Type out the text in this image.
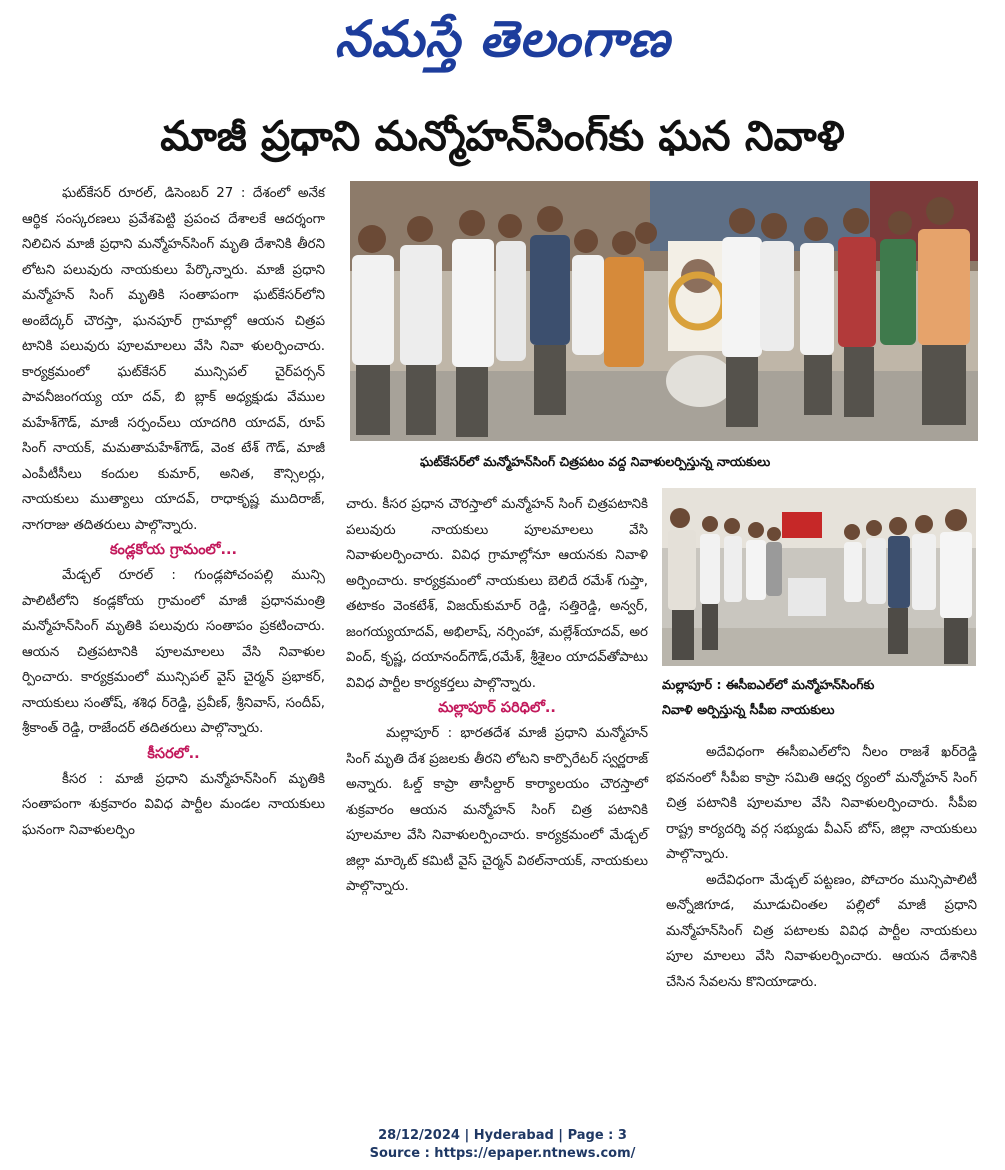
నమస్తే తెలంగాణ
మాజీ ప్రధాని మన్మోహన్‌సింగ్‌కు ఘన నివాళి

ఘట్‌కేసర్ రూరల్, డిసెంబర్ 27 : దేశంలో అనేక ఆర్థిక సంస్కరణలు ప్రవేశపెట్టి ప్రపంచ దేశాలకే ఆదర్శంగా నిలిచిన మాజీ ప్రధాని మన్మోహన్‌సింగ్ మృతి దేశానికి తీరని లోటని పలువురు నాయకులు పేర్కొన్నారు. మాజీ ప్రధాని మన్మోహన్ సింగ్ మృతికి సంతాపంగా ఘట్‌కేసర్‌లోని అంబేద్కర్ చౌరస్తా, ఘనపూర్ గ్రామాల్లో ఆయన చిత్రప టానికి పలువురు పూలమాలలు వేసి నివా ళులర్పించారు. కార్యక్రమంలో ఘట్‌కేసర్ మున్సిపల్ చైర్‌పర్సన్ పావనీజంగయ్య యా దవ్, బి బ్లాక్ అధ్యక్షుడు వేముల మహేశ్‌గౌడ్, మాజీ సర్పంచ్‌లు యాదగిరి యాదవ్, రూప్ సింగ్ నాయక్, మమతామహేశ్‌గౌడ్, వెంక టేశ్ గౌడ్, మాజీ ఎంపీటీసీలు కందుల కుమార్, అనిత, కౌన్సిలర్లు, నాయకులు ముత్యాలు యాదవ్, రాధాకృష్ణ ముదిరాజ్, నాగరాజు తదితరులు పాల్గొన్నారు.

కండ్లకోయ గ్రామంలో...

మేడ్చల్ రూరల్ : గుండ్లపోచంపల్లి మున్సి పాలిటీలోని కండ్లకోయ గ్రామంలో మాజీ ప్రధానమంత్రి మన్మోహన్‌సింగ్ మృతికి పలువురు సంతాపం ప్రకటించారు. ఆయన చిత్రపటానికి పూలమాలలు వేసి నివాళుల ర్పించారు. కార్యక్రమంలో మున్సిపల్ వైస్ చైర్మన్ ప్రభాకర్, నాయకులు సంతోష్, శశిధ ర్‌రెడ్డి, ప్రవీణ్, శ్రీనివాస్, సందీప్, శ్రీకాంత్ రెడ్డి, రాజేందర్ తదితరులు పాల్గొన్నారు.

కీసరలో..

కీసర : మాజీ ప్రధాని మన్మోహన్‌సింగ్ మృతికి సంతాపంగా శుక్రవారం వివిధ పార్టీల మండల నాయకులు ఘనంగా నివాళులర్పిం

ఘట్‌కేసర్‌లో మన్మోహన్‌సింగ్ చిత్రపటం వద్ద నివాళులర్పిస్తున్న నాయకులు

చారు. కీసర ప్రధాన చౌరస్తాలో మన్మోహన్ సింగ్ చిత్రపటానికి పలువురు నాయకులు పూలమాలలు వేసి నివాళులర్పించారు. వివిధ గ్రామాల్లోనూ ఆయనకు నివాళి అర్పించారు. కార్యక్రమంలో నాయకులు బెలిదే రమేశ్ గుప్తా, తటాకం వెంకటేశ్, విజయ్‌కుమార్ రెడ్డి, సత్తిరెడ్డి, అన్వర్, జంగయ్యయాదవ్, అభిలాష్, నర్సింహా, మల్లేశ్‌యాదవ్, అర వింద్, కృష్ణ, దయానంద్‌గౌడ్,రమేశ్, శ్రీశైలం యాదవ్‌తోపాటు వివిధ పార్టీల కార్యకర్తలు పాల్గొన్నారు.

మల్లాపూర్ పరిధిలో..

మల్లాపూర్ : భారతదేశ మాజీ ప్రధాని మన్మోహన్ సింగ్ మృతి దేశ ప్రజలకు తీరని లోటని కార్పొరేటర్ స్వర్ణరాజ్ అన్నారు. ఓల్డ్ కాప్రా తాసీల్దార్ కార్యాలయం చౌరస్తాలో శుక్రవారం ఆయన మన్మోహన్ సింగ్ చిత్ర పటానికి పూలమాల వేసి నివాళులర్పించారు. కార్యక్రమంలో మేడ్చల్ జిల్లా మార్కెట్ కమిటీ వైస్ చైర్మన్ విఠల్‌నాయక్, నాయకులు పాల్గొన్నారు.

మల్లాపూర్ : ఈసీఐఎల్‌లో మన్మోహన్‌సింగ్‌కు
నివాళి అర్పిస్తున్న సీపీఐ నాయకులు

అదేవిధంగా ఈసీఐఎల్‌లోని నీలం రాజశే ఖర్‌రెడ్డి భవనంలో సీపీఐ కాప్రా సమితి ఆధ్వ ర్యంలో మన్మోహన్ సింగ్ చిత్ర పటానికి పూలమాల వేసి నివాళులర్పించారు. సీపీఐ రాష్ట్ర కార్యదర్శి వర్గ సభ్యుడు వీఎస్ బోస్, జిల్లా నాయకులు పాల్గొన్నారు.

అదేవిధంగా మేడ్చల్ పట్టణం, పోచారం మున్సిపాలిటీ అన్నోజిగూడ, మూడుచింతల పల్లిలో మాజీ ప్రధాని మన్మోహన్‌సింగ్ చిత్ర పటాలకు వివిధ పార్టీల నాయకులు పూల మాలలు వేసి నివాళులర్పించారు. ఆయన దేశానికి చేసిన సేవలను కొనియాడారు.

28/12/2024 | Hyderabad | Page : 3
Source : https://epaper.ntnews.com/
